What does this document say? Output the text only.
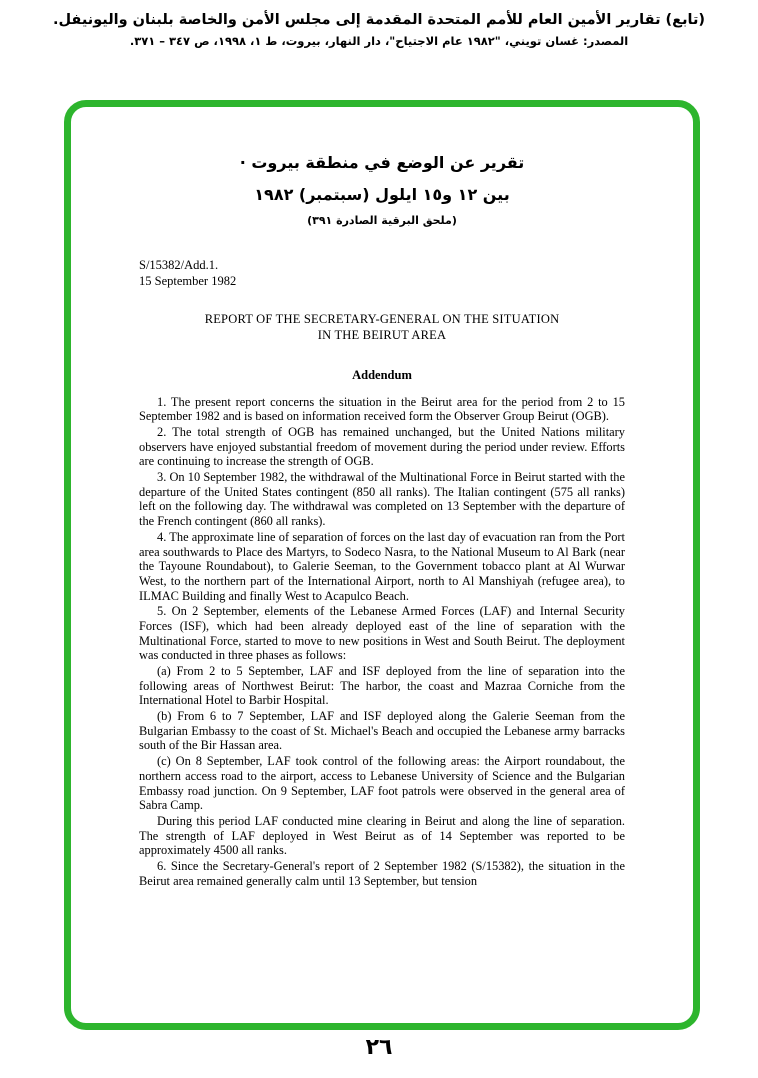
(تابع) تقارير الأمين العام للأمم المتحدة المقدمة إلى مجلس الأمن والخاصة بلبنان واليونيفل.
المصدر: غسان تويني، "١٩٨٢ عام الاجتياح"، دار النهار، بيروت، ط ١، ١٩٩٨، ص ٣٤٧ – ٣٧١.
تقرير عن الوضع في منطقة بيروت ·
بين ١٢ و١٥ ايلول (سبتمبر) ١٩٨٢
(ملحق البرقية الصادرة ٣٩١)
S/15382/Add.1.
15 September 1982
REPORT OF THE SECRETARY-GENERAL ON THE SITUATION
IN THE BEIRUT AREA
Addendum

1. The present report concerns the situation in the Beirut area for the period from 2 to 15 September 1982 and is based on information received form the Observer Group Beirut (OGB).

2. The total strength of OGB has remained unchanged, but the United Nations military observers have enjoyed substantial freedom of movement during the period under review. Efforts are continuing to increase the strength of OGB.

3. On 10 September 1982, the withdrawal of the Multinational Force in Beirut started with the departure of the United States contingent (850 all ranks). The Italian contingent (575 all ranks) left on the following day. The withdrawal was completed on 13 September with the departure of the French contingent (860 all ranks).

4. The approximate line of separation of forces on the last day of evacuation ran from the Port area southwards to Place des Martyrs, to Sodeco Nasra, to the National Museum to Al Bark (near the Tayoune Roundabout), to Galerie Seeman, to the Government tobacco plant at Al Wurwar West, to the northern part of the International Airport, north to Al Manshiyah (refugee area), to ILMAC Building and finally West to Acapulco Beach.

5. On 2 September, elements of the Lebanese Armed Forces (LAF) and Internal Security Forces (ISF), which had been already deployed east of the line of separation with the Multinational Force, started to move to new positions in West and South Beirut. The deployment was conducted in three phases as follows:

(a) From 2 to 5 September, LAF and ISF deployed from the line of separation into the following areas of Northwest Beirut: The harbor, the coast and Mazraa Corniche from the International Hotel to Barbir Hospital.

(b) From 6 to 7 September, LAF and ISF deployed along the Galerie Seeman from the Bulgarian Embassy to the coast of St. Michael's Beach and occupied the Lebanese army barracks south of the Bir Hassan area.

(c) On 8 September, LAF took control of the following areas: the Airport roundabout, the northern access road to the airport, access to Lebanese University of Science and the Bulgarian Embassy road junction. On 9 September, LAF foot patrols were observed in the general area of Sabra Camp.

During this period LAF conducted mine clearing in Beirut and along the line of separation. The strength of LAF deployed in West Beirut as of 14 September was reported to be approximately 4500 all ranks.

6. Since the Secretary-General's report of 2 September 1982 (S/15382), the situation in the Beirut area remained generally calm until 13 September, but tension

٢٦
